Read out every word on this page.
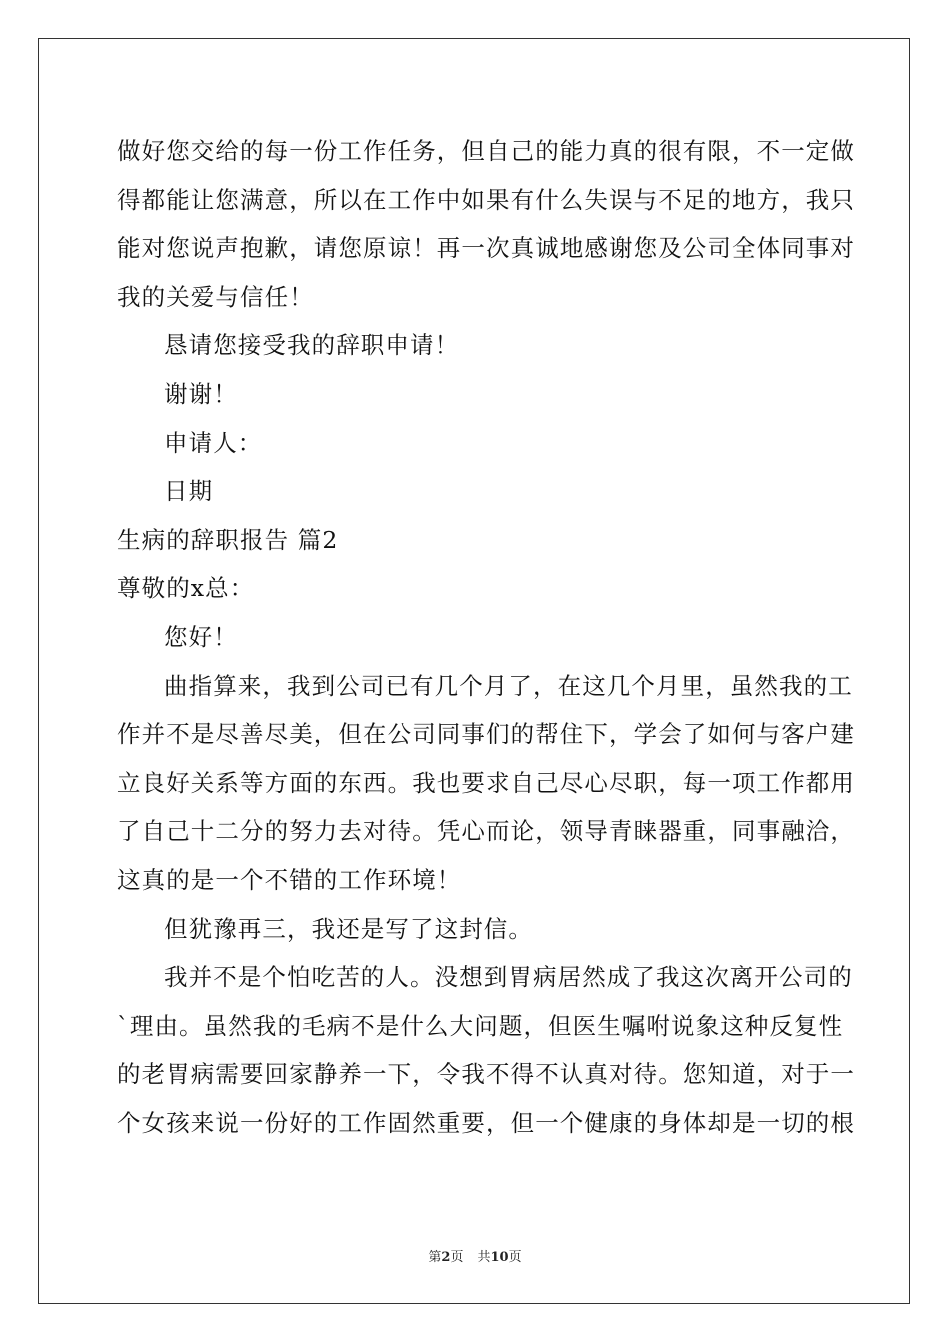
做好您交给的每一份工作任务，但自己的能力真的很有限，不一定做
得都能让您满意，所以在工作中如果有什么失误与不足的地方，我只
能对您说声抱歉，请您原谅！再一次真诚地感谢您及公司全体同事对
我的关爱与信任！
恳请您接受我的辞职申请！
谢谢！
申请人：
日期
生病的辞职报告 篇2
尊敬的x总：
您好！
曲指算来，我到公司已有几个月了，在这几个月里，虽然我的工
作并不是尽善尽美，但在公司同事们的帮住下，学会了如何与客户建
立良好关系等方面的东西。我也要求自己尽心尽职，每一项工作都用
了自己十二分的努力去对待。凭心而论，领导青睐器重，同事融洽，
这真的是一个不错的工作环境！
但犹豫再三，我还是写了这封信。
我并不是个怕吃苦的人。没想到胃病居然成了我这次离开公司的
`理由。虽然我的毛病不是什么大问题，但医生嘱咐说象这种反复性
的老胃病需要回家静养一下，令我不得不认真对待。您知道，对于一
个女孩来说一份好的工作固然重要，但一个健康的身体却是一切的根
第2页 共10页
